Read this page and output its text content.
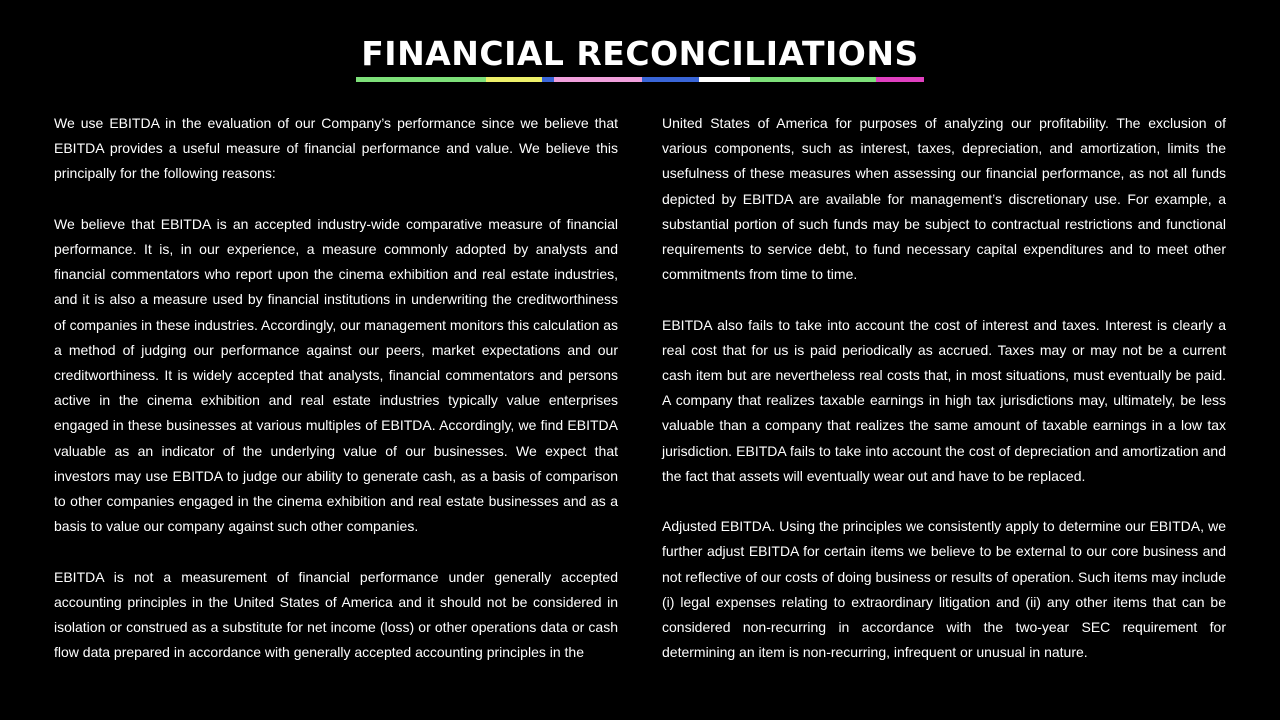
FINANCIAL RECONCILIATIONS

We use EBITDA in the evaluation of our Company’s performance since we believe that EBITDA provides a useful measure of financial performance and value. We believe this principally for the following reasons:

We believe that EBITDA is an accepted industry-wide comparative measure of financial performance. It is, in our experience, a measure commonly adopted by analysts and financial commentators who report upon the cinema exhibition and real estate industries, and it is also a measure used by financial institutions in underwriting the creditworthiness of companies in these industries. Accordingly, our management monitors this calculation as a method of judging our performance against our peers, market expectations and our creditworthiness. It is widely accepted that analysts, financial commentators and persons active in the cinema exhibition and real estate industries typically value enterprises engaged in these businesses at various multiples of EBITDA. Accordingly, we find EBITDA valuable as an indicator of the underlying value of our businesses. We expect that investors may use EBITDA to judge our ability to generate cash, as a basis of comparison to other companies engaged in the cinema exhibition and real estate businesses and as a basis to value our company against such other companies.

EBITDA is not a measurement of financial performance under generally accepted accounting principles in the United States of America and it should not be considered in isolation or construed as a substitute for net income (loss) or other operations data or cash flow data prepared in accordance with generally accepted accounting principles in the

United States of America for purposes of analyzing our profitability. The exclusion of various components, such as interest, taxes, depreciation, and amortization, limits the usefulness of these measures when assessing our financial performance, as not all funds depicted by EBITDA are available for management’s discretionary use. For example, a substantial portion of such funds may be subject to contractual restrictions and functional requirements to service debt, to fund necessary capital expenditures and to meet other commitments from time to time.

EBITDA also fails to take into account the cost of interest and taxes. Interest is clearly a real cost that for us is paid periodically as accrued. Taxes may or may not be a current cash item but are nevertheless real costs that, in most situations, must eventually be paid. A company that realizes taxable earnings in high tax jurisdictions may, ultimately, be less valuable than a company that realizes the same amount of taxable earnings in a low tax jurisdiction. EBITDA fails to take into account the cost of depreciation and amortization and the fact that assets will eventually wear out and have to be replaced.

Adjusted EBITDA. Using the principles we consistently apply to determine our EBITDA, we further adjust EBITDA for certain items we believe to be external to our core business and not reflective of our costs of doing business or results of operation. Such items may include (i) legal expenses relating to extraordinary litigation and (ii) any other items that can be considered non-recurring in accordance with the two-year SEC requirement for determining an item is non-recurring, infrequent or unusual in nature.
